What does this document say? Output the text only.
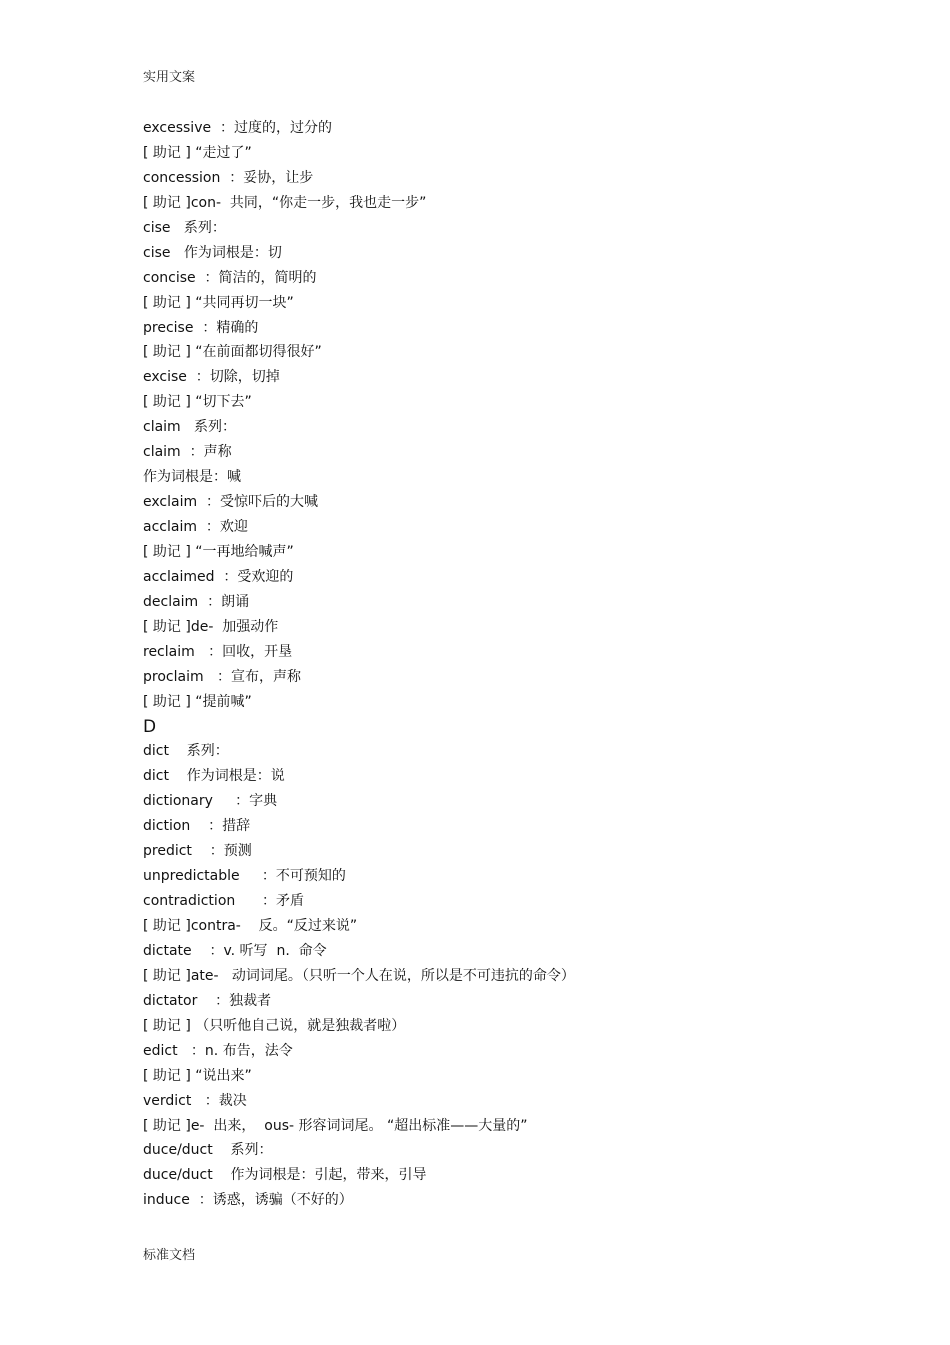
实用文案
excessive  ：过度的，过分的
[ 助记 ] “走过了”
concession  ：妥协，让步
[ 助记 ]con-  共同，“你走一步，我也走一步”
cise   系列：
cise   作为词根是：切
concise  ：简洁的，简明的
[ 助记 ] “共同再切一块”
precise  ：精确的
[ 助记 ] “在前面都切得很好”
excise  ：切除，切掉
[ 助记 ] “切下去”
claim   系列：
claim  ：声称
作为词根是：喊
exclaim  ：受惊吓后的大喊
acclaim  ：欢迎
[ 助记 ] “一再地给喊声”
acclaimed  ：受欢迎的
declaim  ：朗诵
[ 助记 ]de-  加强动作
reclaim   ：回收，开垦
proclaim   ：宣布，声称
[ 助记 ] “提前喊”
D
dict    系列：
dict    作为词根是：说
dictionary     ：字典
diction    ：措辞
predict    ：预测
unpredictable     ：不可预知的
contradiction      ：矛盾
[ 助记 ]contra-    反。“反过来说”
dictate    ：v. 听写  n.  命令
[ 助记 ]ate-   动词词尾。（只听一个人在说，所以是不可违抗的命令）
dictator    ：独裁者
[ 助记 ] （只听他自己说，就是独裁者啦）
edict   ：n. 布告，法令
[ 助记 ] “说出来”
verdict   ：裁决
[ 助记 ]e-  出来，  ous- 形容词词尾。 “超出标准——大量的”
duce/duct    系列：
duce/duct    作为词根是：引起，带来，引导
induce  ：诱惑，诱骗（不好的）
标准文档
